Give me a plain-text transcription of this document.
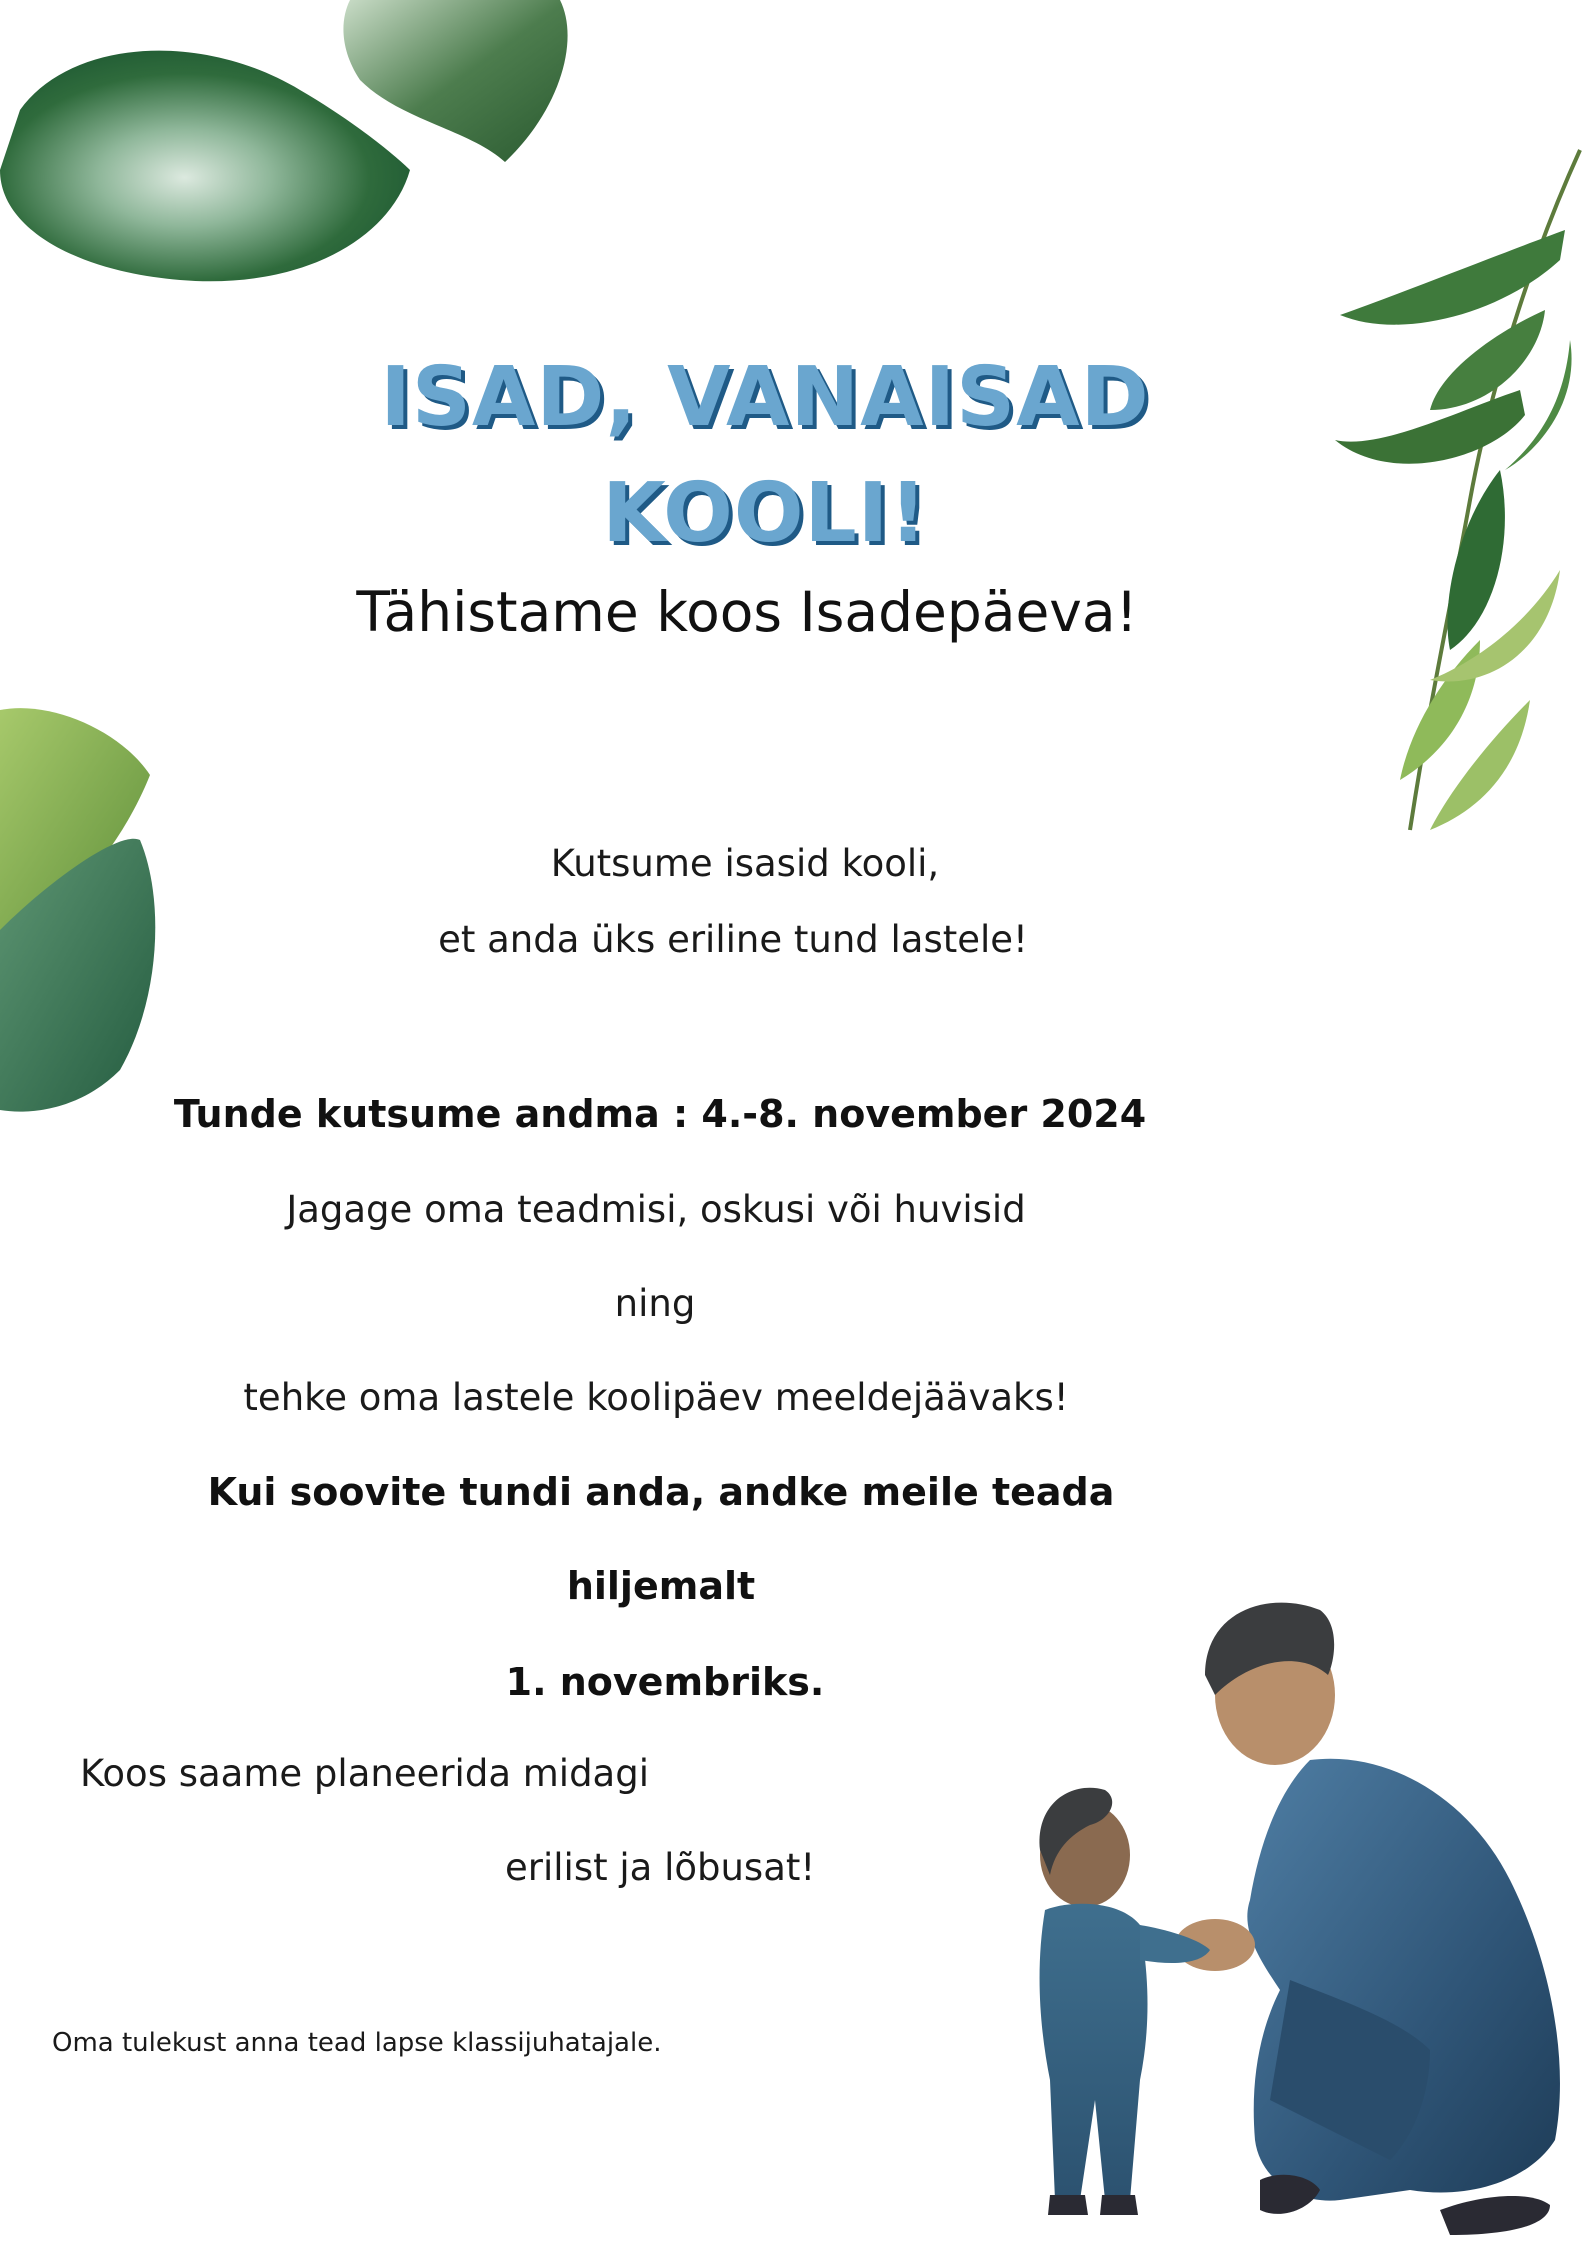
ISAD, VANAISAD
KOOLI!

Tähistame koos Isadepäeva!

Kutsume isasid kooli,

et anda üks eriline tund lastele!

Tunde kutsume andma : 4.-8. november 2024

Jagage oma teadmisi, oskusi või huvisid

ning

tehke oma lastele koolipäev meeldejäävaks!

Kui soovite tundi anda, andke meile teada

hiljemalt

1. novembriks.

Koos saame planeerida midagi

erilist ja lõbusat!

Oma tulekust anna tead lapse klassijuhatajale.
